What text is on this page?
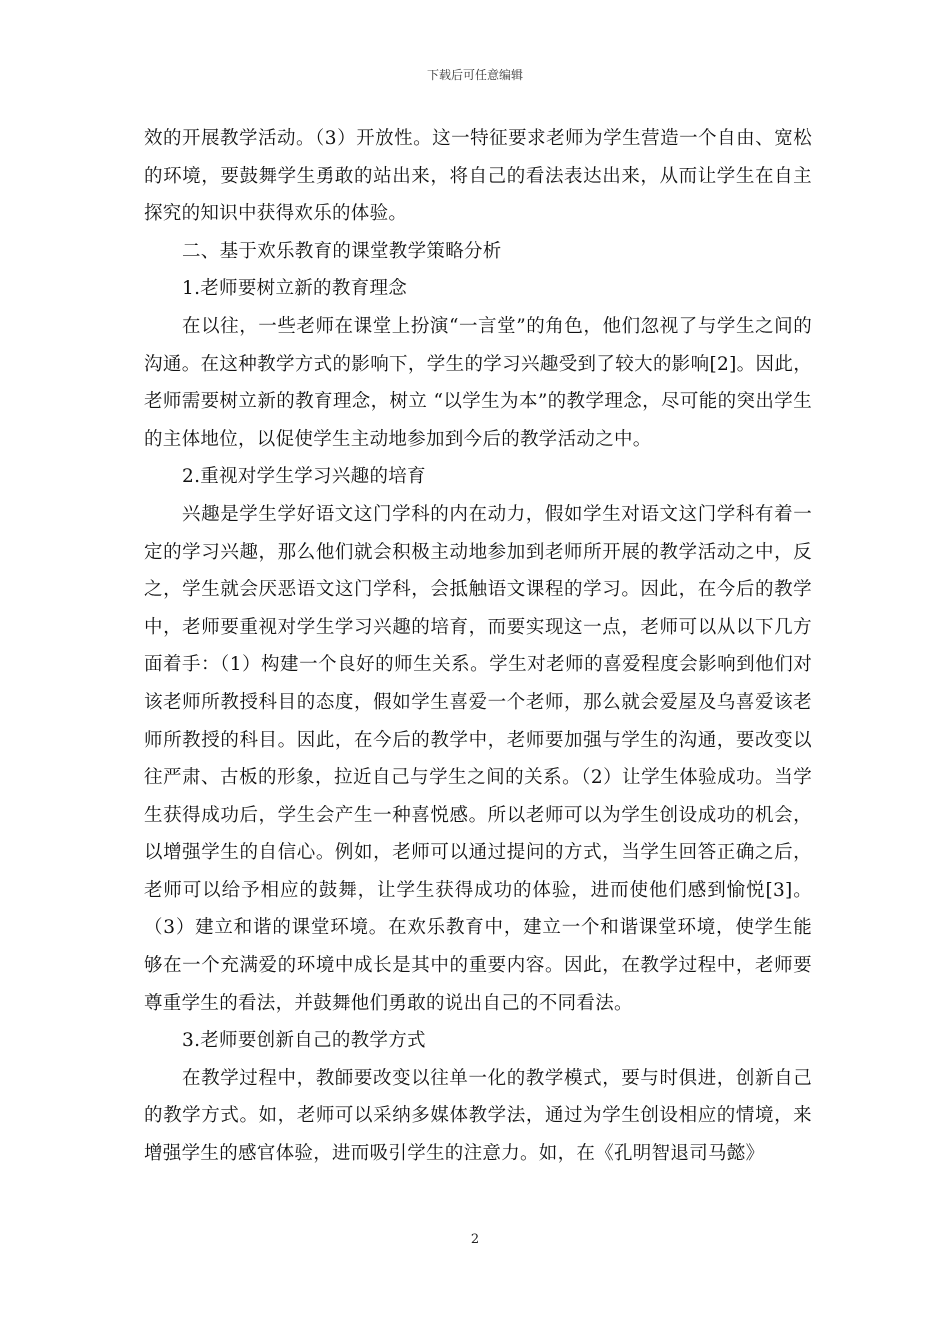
下载后可任意编辑

效的开展教学活动。（3）开放性。这一特征要求老师为学生营造一个自由、宽松的环境，要鼓舞学生勇敢的站出来，将自己的看法表达出来，从而让学生在自主探究的知识中获得欢乐的体验。

二、基于欢乐教育的课堂教学策略分析

1.老师要树立新的教育理念

在以往，一些老师在课堂上扮演“一言堂”的角色，他们忽视了与学生之间的沟通。在这种教学方式的影响下，学生的学习兴趣受到了较大的影响[2]。因此，老师需要树立新的教育理念，树立 “以学生为本”的教学理念，尽可能的突出学生的主体地位，以促使学生主动地参加到今后的教学活动之中。

2.重视对学生学习兴趣的培育

兴趣是学生学好语文这门学科的内在动力，假如学生对语文这门学科有着一定的学习兴趣，那么他们就会积极主动地参加到老师所开展的教学活动之中，反之，学生就会厌恶语文这门学科，会抵触语文课程的学习。因此，在今后的教学中，老师要重视对学生学习兴趣的培育，而要实现这一点，老师可以从以下几方面着手：（1）构建一个良好的师生关系。学生对老师的喜爱程度会影响到他们对该老师所教授科目的态度，假如学生喜爱一个老师，那么就会爱屋及乌喜爱该老师所教授的科目。因此，在今后的教学中，老师要加强与学生的沟通，要改变以往严肃、古板的形象，拉近自己与学生之间的关系。（2）让学生体验成功。当学生获得成功后，学生会产生一种喜悦感。所以老师可以为学生创设成功的机会，以增强学生的自信心。例如，老师可以通过提问的方式，当学生回答正确之后，老师可以给予相应的鼓舞，让学生获得成功的体验，进而使他们感到愉悦[3]。（3）建立和谐的课堂环境。在欢乐教育中，建立一个和谐课堂环境，使学生能够在一个充满爱的环境中成长是其中的重要内容。因此，在教学过程中，老师要尊重学生的看法，并鼓舞他们勇敢的说出自己的不同看法。

3.老师要创新自己的教学方式

在教学过程中，教師要改变以往单一化的教学模式，要与时俱进，创新自己的教学方式。如，老师可以采纳多媒体教学法，通过为学生创设相应的情境，来增强学生的感官体验，进而吸引学生的注意力。如，在《孔明智退司马懿》

2
